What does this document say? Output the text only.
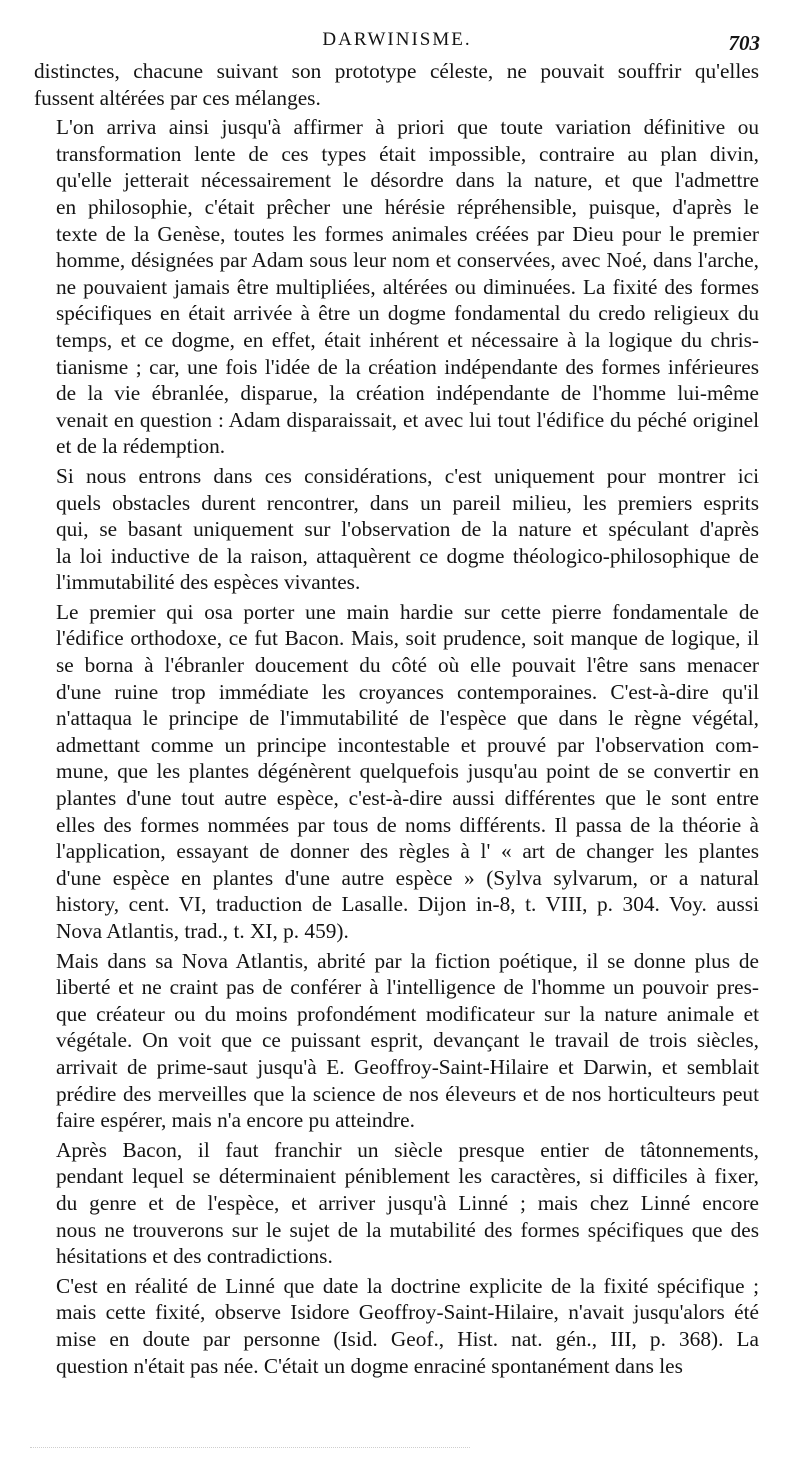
DARWINISME.	703

distinctes, chacune suivant son prototype céleste, ne pouvait souffrir qu'elles
fussent altérées par ces mélanges.

L'on arriva ainsi jusqu'à affirmer à priori que toute variation définitive ou
transformation lente de ces types était impossible, contraire au plan divin,
qu'elle jetterait nécessairement le désordre dans la nature, et que l'admettre
en philosophie, c'était prêcher une hérésie répréhensible, puisque, d'après le
texte de la Genèse, toutes les formes animales créées par Dieu pour le premier
homme, désignées par Adam sous leur nom et conservées, avec Noé, dans l'arche,
ne pouvaient jamais être multipliées, altérées ou diminuées. La fixité des formes
spécifiques en était arrivée à être un dogme fondamental du credo religieux du
temps, et ce dogme, en effet, était inhérent et nécessaire à la logique du chris-
tianisme ; car, une fois l'idée de la création indépendante des formes inférieures
de la vie ébranlée, disparue, la création indépendante de l'homme lui-même
venait en question : Adam disparaissait, et avec lui tout l'édifice du péché originel
et de la rédemption.

Si nous entrons dans ces considérations, c'est uniquement pour montrer ici
quels obstacles durent rencontrer, dans un pareil milieu, les premiers esprits
qui, se basant uniquement sur l'observation de la nature et spéculant d'après
la loi inductive de la raison, attaquèrent ce dogme théologico-philosophique de
l'immutabilité des espèces vivantes.

Le premier qui osa porter une main hardie sur cette pierre fondamentale de
l'édifice orthodoxe, ce fut Bacon. Mais, soit prudence, soit manque de logique, il
se borna à l'ébranler doucement du côté où elle pouvait l'être sans menacer
d'une ruine trop immédiate les croyances contemporaines. C'est-à-dire qu'il
n'attaqua le principe de l'immutabilité de l'espèce que dans le règne végétal,
admettant comme un principe incontestable et prouvé par l'observation com-
mune, que les plantes dégénèrent quelquefois jusqu'au point de se convertir en
plantes d'une tout autre espèce, c'est-à-dire aussi différentes que le sont entre
elles des formes nommées par tous de noms différents. Il passa de la théorie à
l'application, essayant de donner des règles à l' « art de changer les plantes
d'une espèce en plantes d'une autre espèce » (Sylva sylvarum, or a natural
history, cent. VI, traduction de Lasalle. Dijon in-8, t. VIII, p. 304. Voy. aussi
Nova Atlantis, trad., t. XI, p. 459).

Mais dans sa Nova Atlantis, abrité par la fiction poétique, il se donne plus de
liberté et ne craint pas de conférer à l'intelligence de l'homme un pouvoir pres-
que créateur ou du moins profondément modificateur sur la nature animale et
végétale. On voit que ce puissant esprit, devançant le travail de trois siècles,
arrivait de prime-saut jusqu'à E. Geoffroy-Saint-Hilaire et Darwin, et semblait
prédire des merveilles que la science de nos éleveurs et de nos horticulteurs peut
faire espérer, mais n'a encore pu atteindre.

Après Bacon, il faut franchir un siècle presque entier de tâtonnements,
pendant lequel se déterminaient péniblement les caractères, si difficiles à fixer,
du genre et de l'espèce, et arriver jusqu'à Linné ; mais chez Linné encore
nous ne trouverons sur le sujet de la mutabilité des formes spécifiques que des
hésitations et des contradictions.

C'est en réalité de Linné que date la doctrine explicite de la fixité spécifique ;
mais cette fixité, observe Isidore Geoffroy-Saint-Hilaire, n'avait jusqu'alors été
mise en doute par personne (Isid. Geof., Hist. nat. gén., III, p. 368). La
question n'était pas née. C'était un dogme enraciné spontanément dans les
